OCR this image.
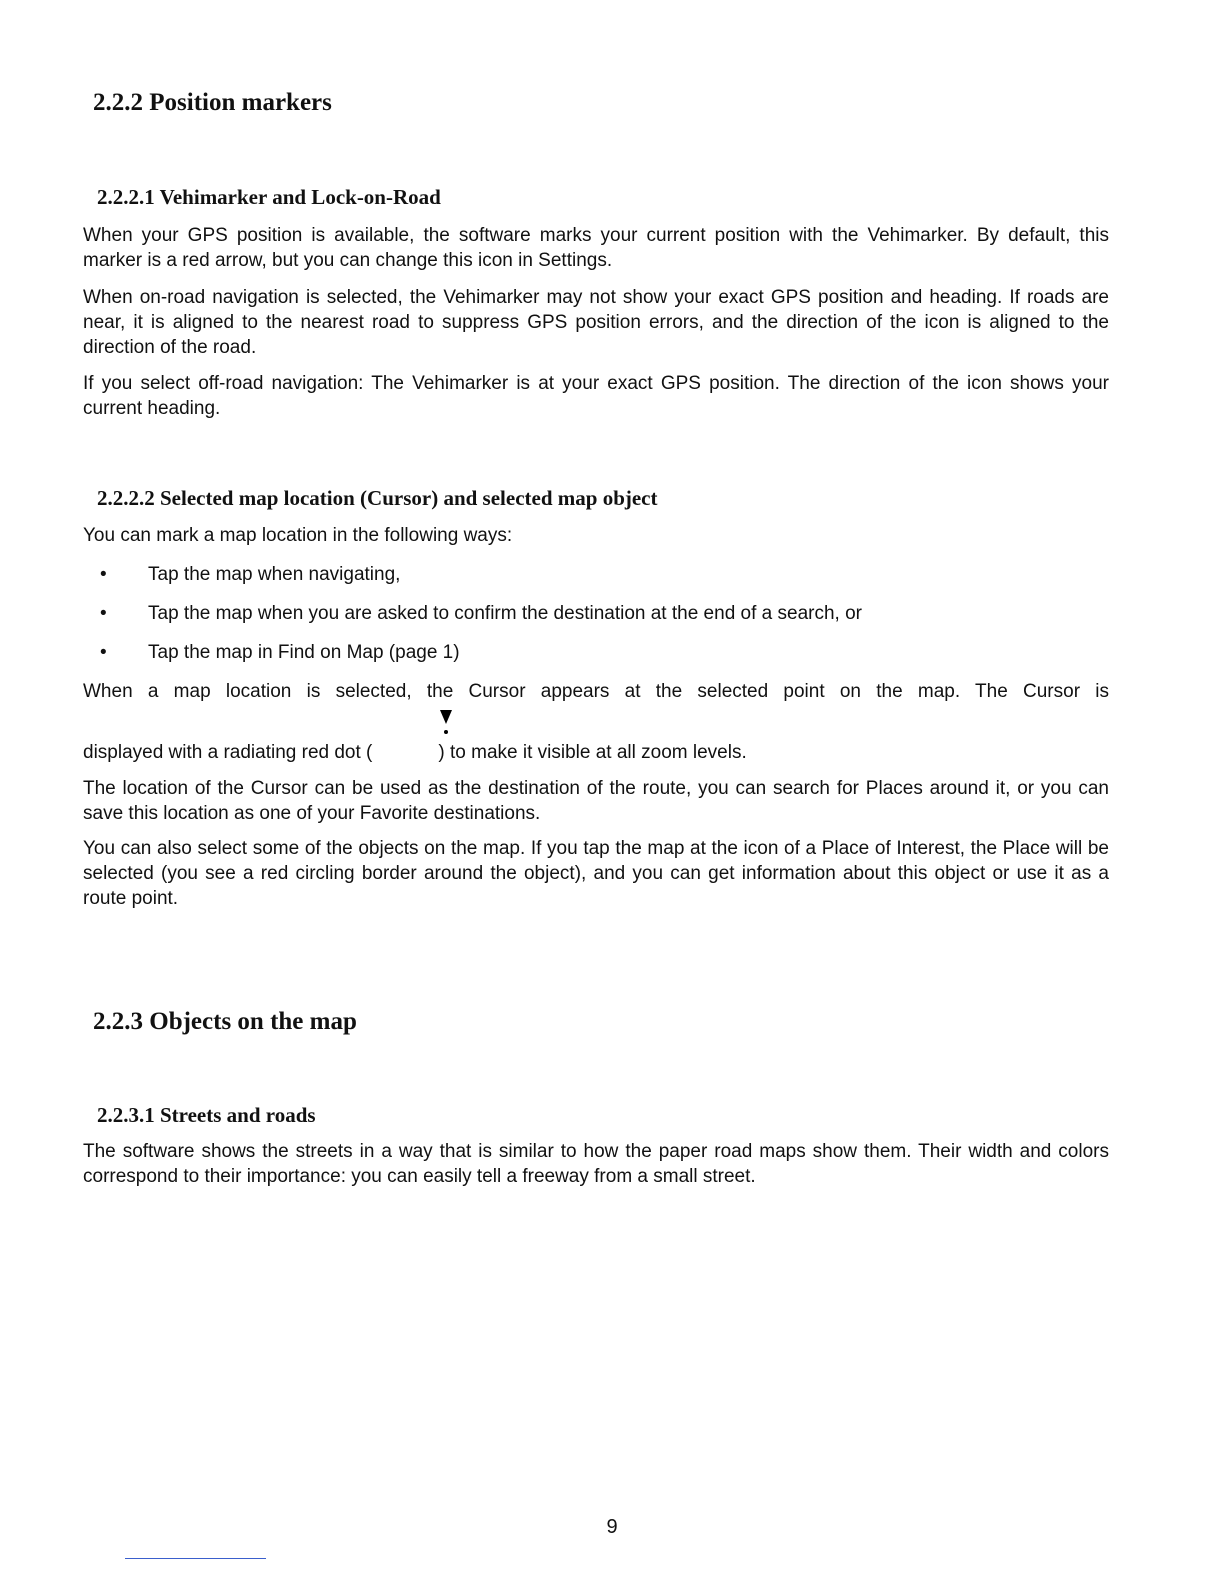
2.2.2 Position markers
2.2.2.1 Vehimarker and Lock-on-Road

When your GPS position is available, the software marks your current position with the Vehimarker. By default, this marker is a red arrow, but you can change this icon in Settings.

When on-road navigation is selected, the Vehimarker may not show your exact GPS position and heading. If roads are near, it is aligned to the nearest road to suppress GPS position errors, and the direction of the icon is aligned to the direction of the road.

If you select off-road navigation: The Vehimarker is at your exact GPS position. The direction of the icon shows your current heading.

2.2.2.2 Selected map location (Cursor) and selected map object

You can mark a map location in the following ways:

• Tap the map when navigating,
• Tap the map when you are asked to confirm the destination at the end of a search, or
• Tap the map in Find on Map (page 1)
When a map location is selected, the Cursor appears at the selected point on the map. The Cursor is
displayed with a radiating red dot (	) to make it visible at all zoom levels.

The location of the Cursor can be used as the destination of the route, you can search for Places around it, or you can save this location as one of your Favorite destinations.

You can also select some of the objects on the map. If you tap the map at the icon of a Place of Interest, the Place will be selected (you see a red circling border around the object), and you can get information about this object or use it as a route point.

2.2.3 Objects on the map
2.2.3.1 Streets and roads

The software shows the streets in a way that is similar to how the paper road maps show them. Their width and colors correspond to their importance: you can easily tell a freeway from a small street.

9
